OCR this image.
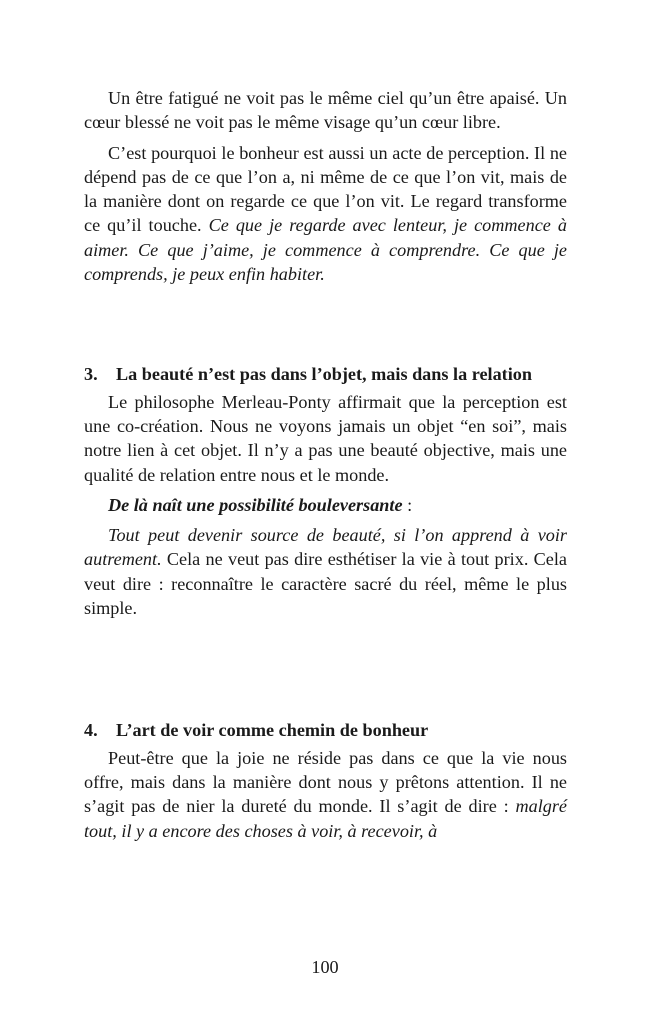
Un être fatigué ne voit pas le même ciel qu’un être apaisé. Un cœur blessé ne voit pas le même visage qu’un cœur libre.

C’est pourquoi le bonheur est aussi un acte de perception. Il ne dépend pas de ce que l’on a, ni même de ce que l’on vit, mais de la manière dont on regarde ce que l’on vit. Le regard transforme ce qu’il touche. Ce que je regarde avec lenteur, je commence à aimer. Ce que j’aime, je commence à comprendre. Ce que je comprends, je peux enfin habiter.

3.	La beauté n’est pas dans l’objet, mais dans la relation

Le philosophe Merleau-Ponty affirmait que la perception est une co-création. Nous ne voyons jamais un objet “en soi”, mais notre lien à cet objet. Il n’y a pas une beauté objective, mais une qualité de relation entre nous et le monde.

De là naît une possibilité bouleversante :

Tout peut devenir source de beauté, si l’on apprend à voir autrement. Cela ne veut pas dire esthétiser la vie à tout prix. Cela veut dire : reconnaître le caractère sacré du réel, même le plus simple.

4.	L’art de voir comme chemin de bonheur

Peut-être que la joie ne réside pas dans ce que la vie nous offre, mais dans la manière dont nous y prêtons attention. Il ne s’agit pas de nier la dureté du monde. Il s’agit de dire : malgré tout, il y a encore des choses à voir, à recevoir, à

100
